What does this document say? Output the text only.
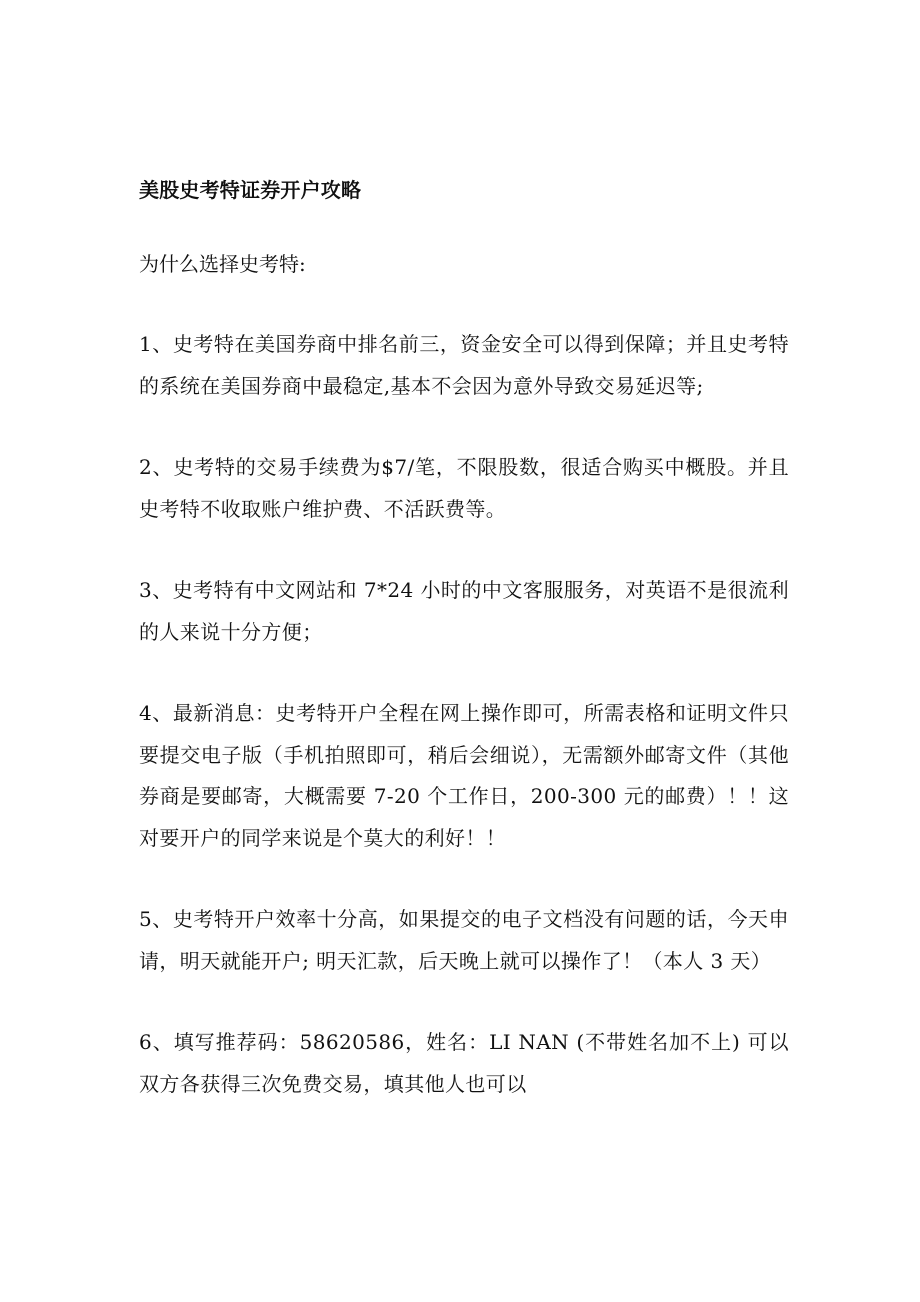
美股史考特证券开户攻略
为什么选择史考特:
1、史考特在美国券商中排名前三，资金安全可以得到保障；并且史考特的系统在美国券商中最稳定,基本不会因为意外导致交易延迟等;
2、史考特的交易手续费为$7/笔，不限股数，很适合购买中概股。并且史考特不收取账户维护费、不活跃费等。
3、史考特有中文网站和 7*24 小时的中文客服服务，对英语不是很流利的人来说十分方便；
4、最新消息：史考特开户全程在网上操作即可，所需表格和证明文件只要提交电子版（手机拍照即可，稍后会细说），无需额外邮寄文件（其他券商是要邮寄，大概需要 7-20 个工作日，200-300 元的邮费）！！这对要开户的同学来说是个莫大的利好！！
5、史考特开户效率十分高，如果提交的电子文档没有问题的话，今天申请，明天就能开户; 明天汇款，后天晚上就可以操作了！（本人 3 天）
6、填写推荐码：58620586，姓名：LI NAN (不带姓名加不上) 可以双方各获得三次免费交易，填其他人也可以
